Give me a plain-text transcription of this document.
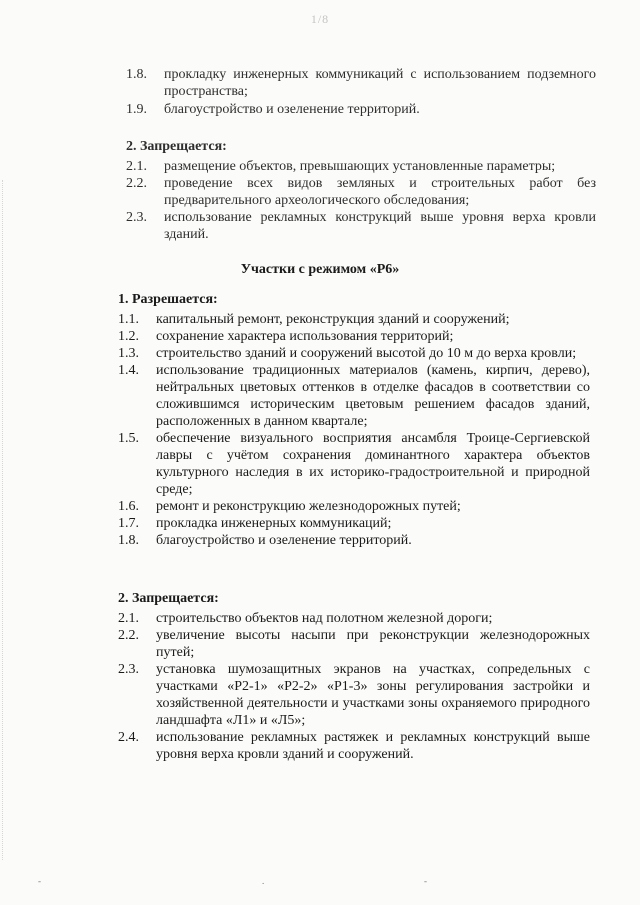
1/8

1.8. прокладку инженерных коммуникаций с использованием подземного пространства;

1.9. благоустройство и озеленение территорий.

2. Запрещается:

2.1. размещение объектов, превышающих установленные параметры;

2.2. проведение всех видов земляных и строительных работ без предварительного археологического обследования;

2.3. использование рекламных конструкций выше уровня верха кровли зданий.

Участки с режимом «Р6»

1. Разрешается:

1.1. капитальный ремонт, реконструкция зданий и сооружений;

1.2. сохранение характера использования территорий;

1.3. строительство зданий и сооружений высотой до 10 м до верха кровли;

1.4. использование традиционных материалов (камень, кирпич, дерево), нейтральных цветовых оттенков в отделке фасадов в соответствии со сложившимся историческим цветовым решением фасадов зданий, расположенных в данном квартале;

1.5. обеспечение визуального восприятия ансамбля Троице-Сергиевской лавры с учётом сохранения доминантного характера объектов культурного наследия в их историко-градостроительной и природной среде;

1.6. ремонт и реконструкцию железнодорожных путей;

1.7. прокладка инженерных коммуникаций;

1.8. благоустройство и озеленение территорий.

2. Запрещается:

2.1. строительство объектов над полотном железной дороги;

2.2. увеличение высоты насыпи при реконструкции железнодорожных путей;

2.3. установка шумозащитных экранов на участках, сопредельных с участками «Р2-1» «Р2-2» «Р1-3» зоны регулирования застройки и хозяйственной деятельности и участками зоны охраняемого природного ландшафта «Л1» и «Л5»;

2.4. использование рекламных растяжек и рекламных конструкций выше уровня верха кровли зданий и сооружений.

-	.	-
